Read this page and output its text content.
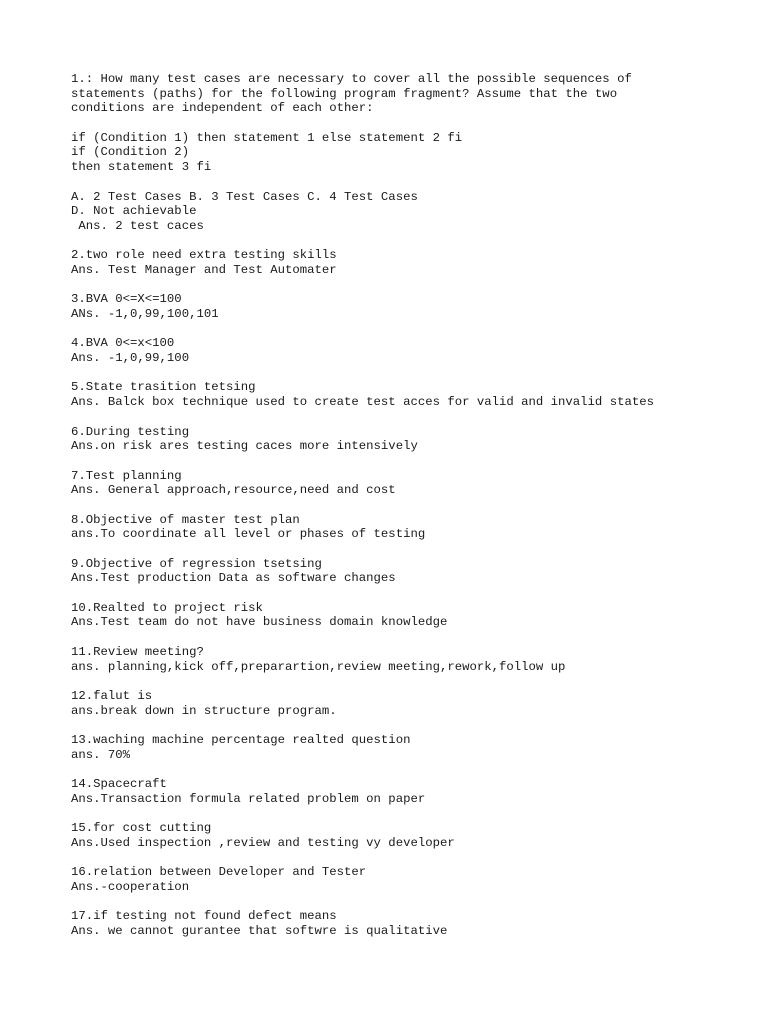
1.: How many test cases are necessary to cover all the possible sequences of
statements (paths) for the following program fragment? Assume that the two
conditions are independent of each other:
if (Condition 1) then statement 1 else statement 2 fi
if (Condition 2)
then statement 3 fi
A. 2 Test Cases B. 3 Test Cases C. 4 Test Cases
D. Not achievable
Ans. 2 test caces
2.two role need extra testing skills
Ans. Test Manager and Test Automater
3.BVA 0<=X<=100
ANs. -1,0,99,100,101
4.BVA 0<=x<100
Ans. -1,0,99,100
5.State trasition tetsing
Ans. Balck box technique used to create test acces for valid and invalid states
6.During testing
Ans.on risk ares testing caces more intensively
7.Test planning
Ans. General approach,resource,need and cost
8.Objective of master test plan
ans.To coordinate all level or phases of testing
9.Objective of regression tsetsing
Ans.Test production Data as software changes
10.Realted to project risk
Ans.Test team do not have business domain knowledge
11.Review meeting?
ans. planning,kick off,preparartion,review meeting,rework,follow up
12.falut is
ans.break down in structure program.
13.waching machine percentage realted question
ans. 70%
14.Spacecraft
Ans.Transaction formula related problem on paper
15.for cost cutting
Ans.Used inspection ,review and testing vy developer
16.relation between Developer and Tester
Ans.-cooperation
17.if testing not found defect means
Ans. we cannot gurantee that softwre is qualitative
